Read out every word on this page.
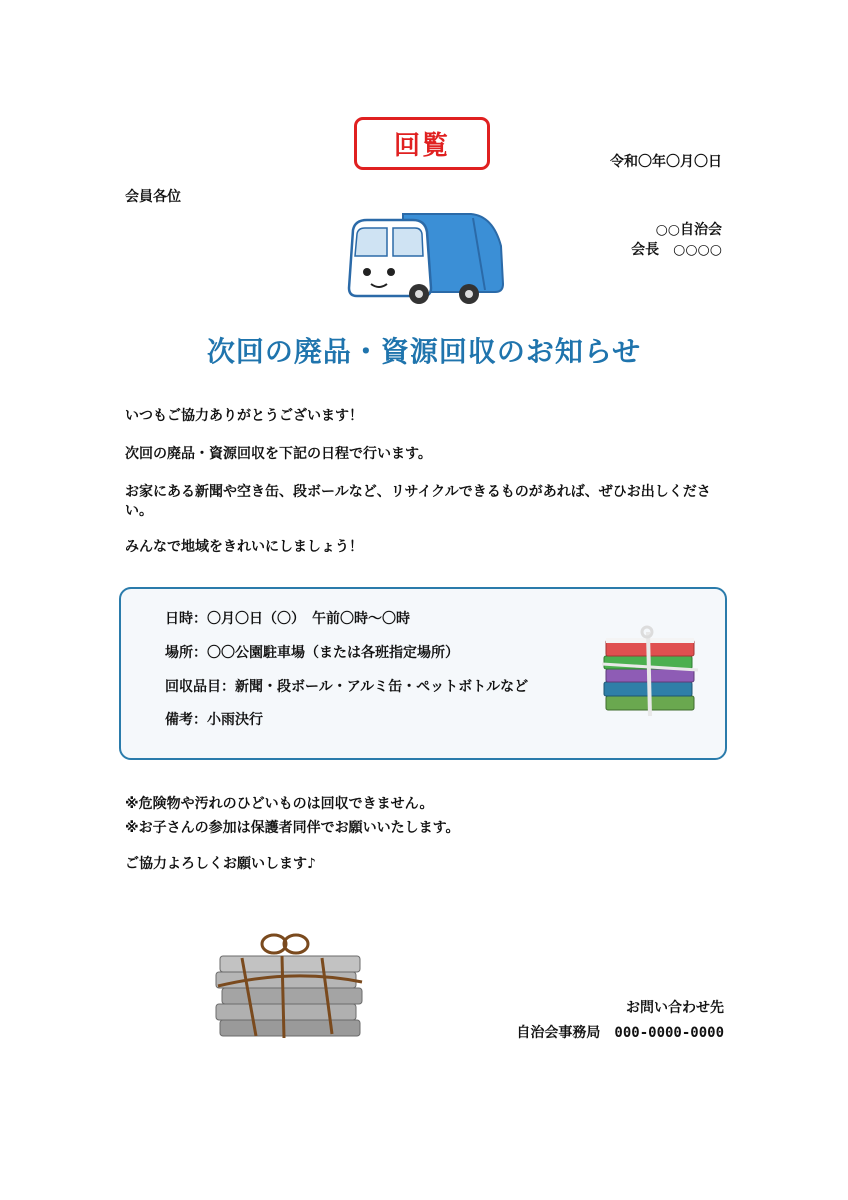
回覧
令和〇年〇月〇日
会員各位
○○自治会
会長　○○○○
次回の廃品・資源回収のお知らせ
いつもご協力ありがとうございます！
次回の廃品・資源回収を下記の日程で行います。
お家にある新聞や空き缶、段ボールなど、リサイクルできるものがあれば、ぜひお出しください。
みんなで地域をきれいにしましょう！
日時：〇月〇日（〇）　午前〇時～〇時
場所：〇〇公園駐車場（または各班指定場所）
回収品目：新聞・段ボール・アルミ缶・ペットボトルなど
備考：小雨決行
※危険物や汚れのひどいものは回収できません。
※お子さんの参加は保護者同伴でお願いいたします。
ご協力よろしくお願いします♪
お問い合わせ先
自治会事務局 000-0000-0000
